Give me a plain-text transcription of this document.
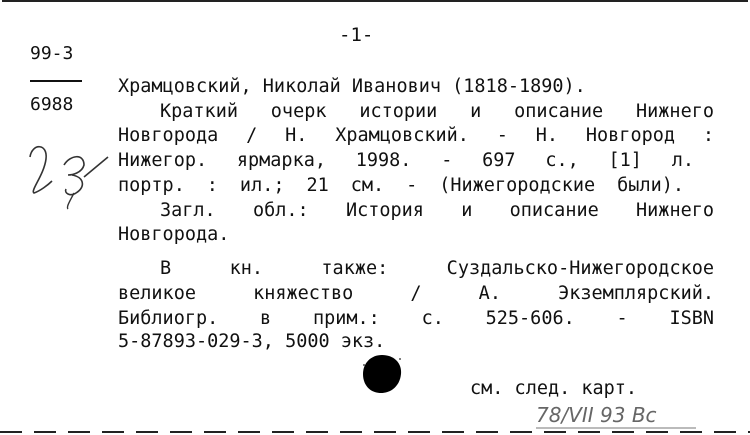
-1-
99-3
6988
Храмцовский, Николай Иванович (1818-1890).
Краткий очерк истории и описание Нижнего
Новгорода / Н. Храмцовский. - Н. Новгород :
Нижегор. ярмарка, 1998. - 697 с., [1] л.
портр. : ил.; 21 см. - (Нижегородские были).
Загл. обл.: История и описание Нижнего
Новгорода.
В кн. также: Суздальско-Нижегородское
великое княжество / А. Экземплярский.
Библиогр. в прим.: с. 525-606. - ISBN
5-87893-029-3, 5000 экз.
см. след. карт.
78/VII 93 Вс
